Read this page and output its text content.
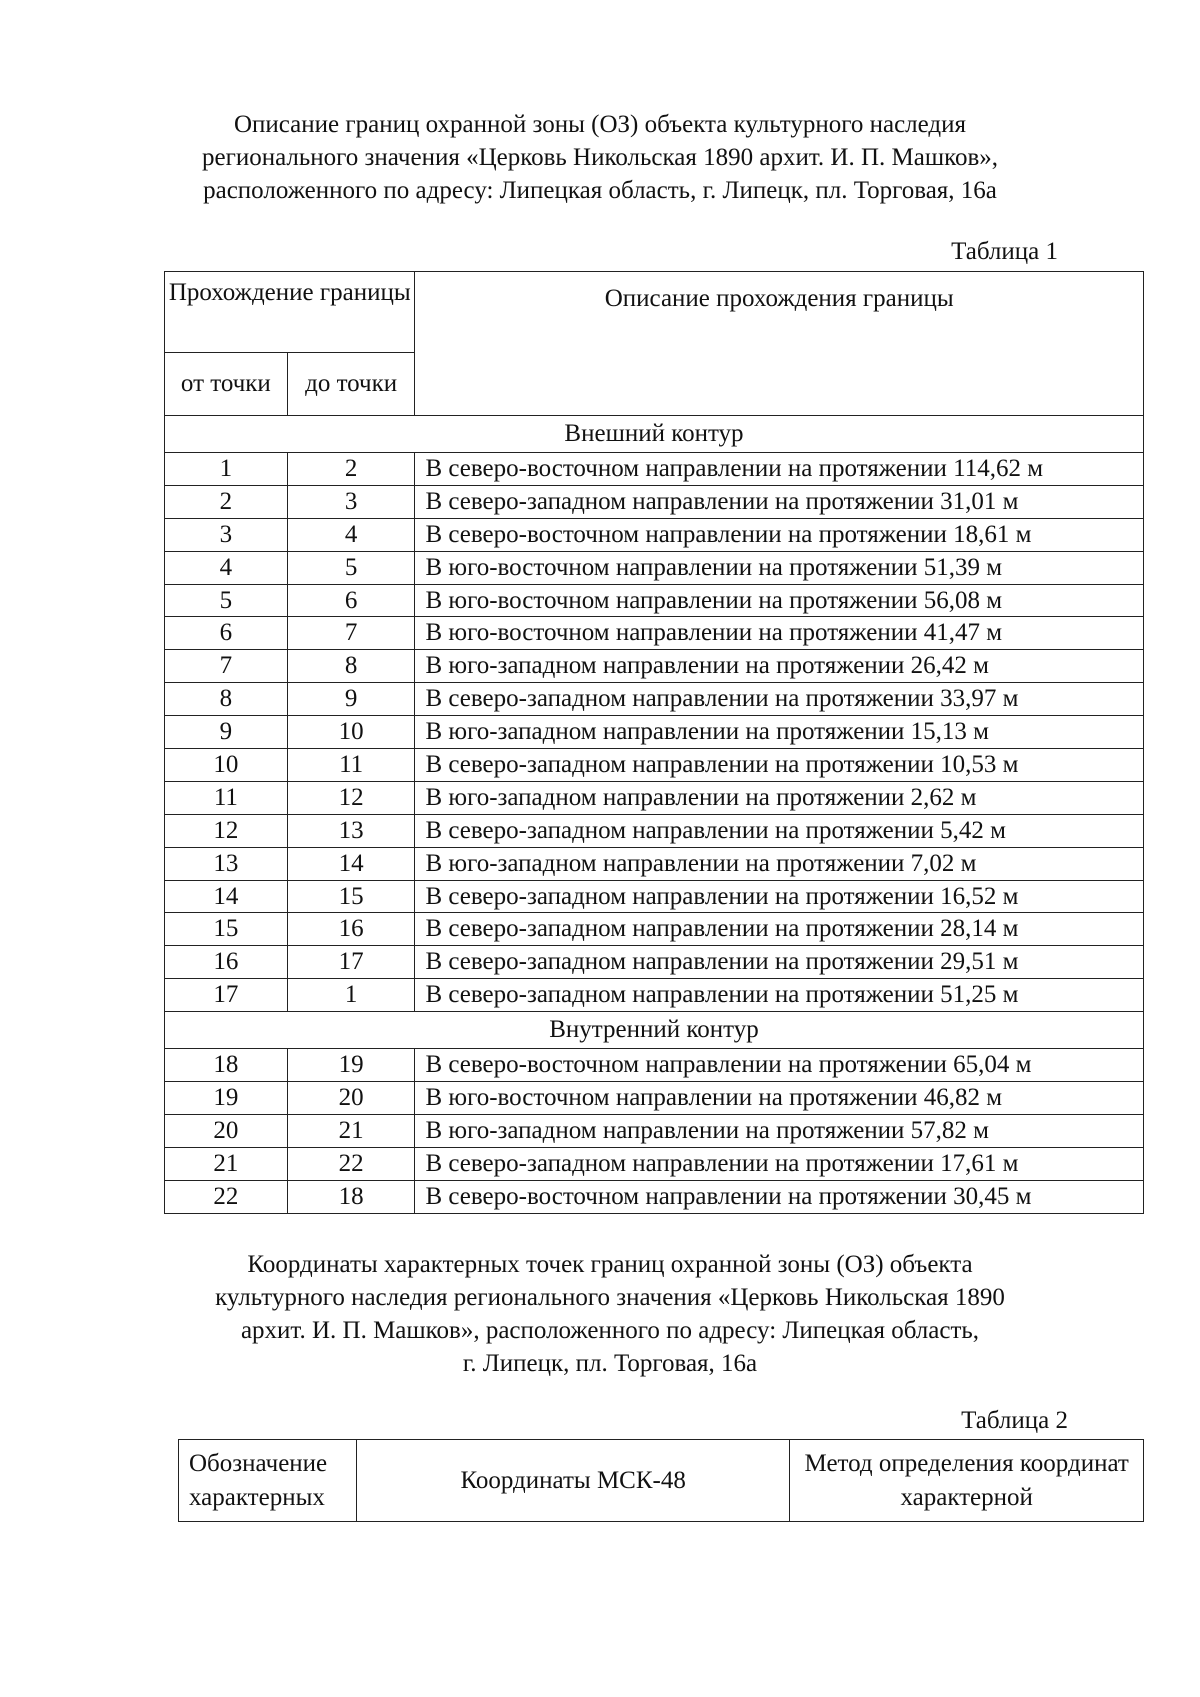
Описание границ охранной зоны (ОЗ) объекта культурного наследия
регионального значения «Церковь Никольская 1890 архит. И. П. Машков»,
расположенного по адресу: Липецкая область, г. Липецк, пл. Торговая, 16а
Таблица 1
Прохождение границы		Описание прохождения границы
от точки	до точки	
Внешний контур		
1	2	В северо-восточном направлении на протяжении 114,62 м
2	3	В северо-западном направлении на протяжении 31,01 м
3	4	В северо-восточном направлении на протяжении 18,61 м
4	5	В юго-восточном направлении на протяжении 51,39 м
5	6	В юго-восточном направлении на протяжении 56,08 м
6	7	В юго-восточном направлении на протяжении 41,47 м
7	8	В юго-западном направлении на протяжении 26,42 м
8	9	В северо-западном направлении на протяжении 33,97 м
9	10	В юго-западном направлении на протяжении 15,13 м
10	11	В северо-западном направлении на протяжении 10,53 м
11	12	В юго-западном направлении на протяжении 2,62 м
12	13	В северо-западном направлении на протяжении 5,42 м
13	14	В юго-западном направлении на протяжении 7,02 м
14	15	В северо-западном направлении на протяжении 16,52 м
15	16	В северо-западном направлении на протяжении 28,14 м
16	17	В северо-западном направлении на протяжении 29,51 м
17	1	В северо-западном направлении на протяжении 51,25 м
Внутренний контур		
18	19	В северо-восточном направлении на протяжении 65,04 м
19	20	В юго-восточном направлении на протяжении 46,82 м
20	21	В юго-западном направлении на протяжении 57,82 м
21	22	В северо-западном направлении на протяжении 17,61 м
22	18	В северо-восточном направлении на протяжении 30,45 м
Координаты характерных точек границ охранной зоны (ОЗ) объекта
культурного наследия регионального значения «Церковь Никольская 1890
архит. И. П. Машков», расположенного по адресу: Липецкая область,
г. Липецк, пл. Торговая, 16а
Таблица 2
Обозначение характерных	Координаты МСК-48	Метод определения координат характерной
